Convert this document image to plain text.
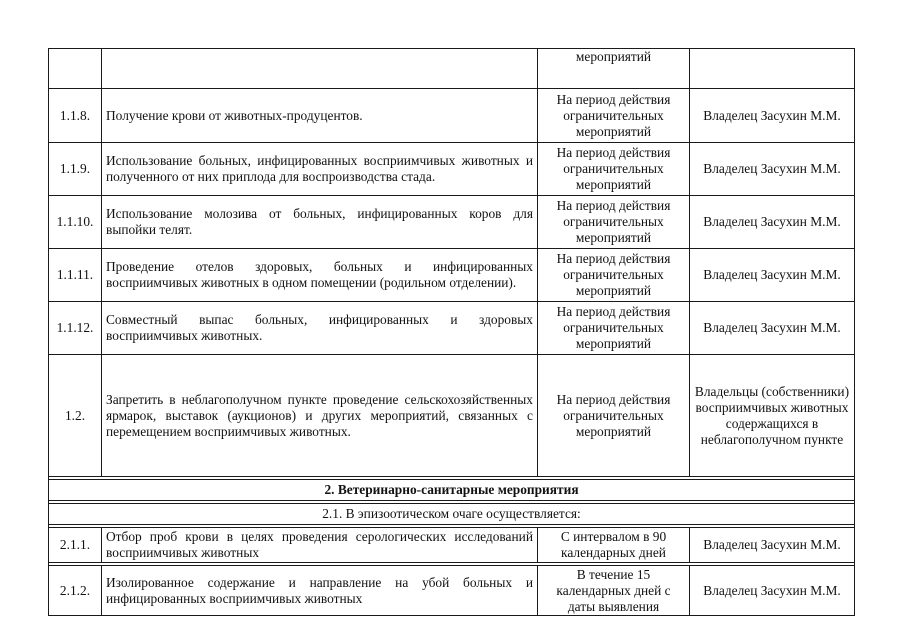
		мероприятий	
1.1.8.	Получение крови от животных-продуцентов.	На период действия ограничительных мероприятий	Владелец Засухин М.М.
1.1.9.	Использование больных, инфицированных восприимчивых животных и полученного от них приплода для воспроизводства стада.	На период действия ограничительных мероприятий	Владелец Засухин М.М.
1.1.10.	Использование молозива от больных, инфицированных коров для выпойки телят.	На период действия ограничительных мероприятий	Владелец Засухин М.М.
1.1.11.	Проведение отелов здоровых, больных и инфицированных восприимчивых животных в одном помещении (родильном отделении).	На период действия ограничительных мероприятий	Владелец Засухин М.М.
1.1.12.	Совместный выпас больных, инфицированных и здоровых восприимчивых животных.	На период действия ограничительных мероприятий	Владелец Засухин М.М.
1.2.	Запретить в неблагополучном пункте проведение сельскохозяйственных ярмарок, выставок (аукционов) и других мероприятий, связанных с перемещением восприимчивых животных.	На период действия ограничительных мероприятий	Владельцы (собственники) восприимчивых животных содержащихся в неблагополучном пункте

2. Ветеринарно-санитарные мероприятия			

2.1. В эпизоотическом очаге осуществляется:			

2.1.1.	Отбор проб крови в целях проведения серологических исследований восприимчивых животных	С интервалом в 90 календарных дней	Владелец Засухин М.М.

2.1.2.	Изолированное содержание и направление на убой больных и инфицированных восприимчивых животных	В течение 15 календарных дней с даты выявления	Владелец Засухин М.М.
